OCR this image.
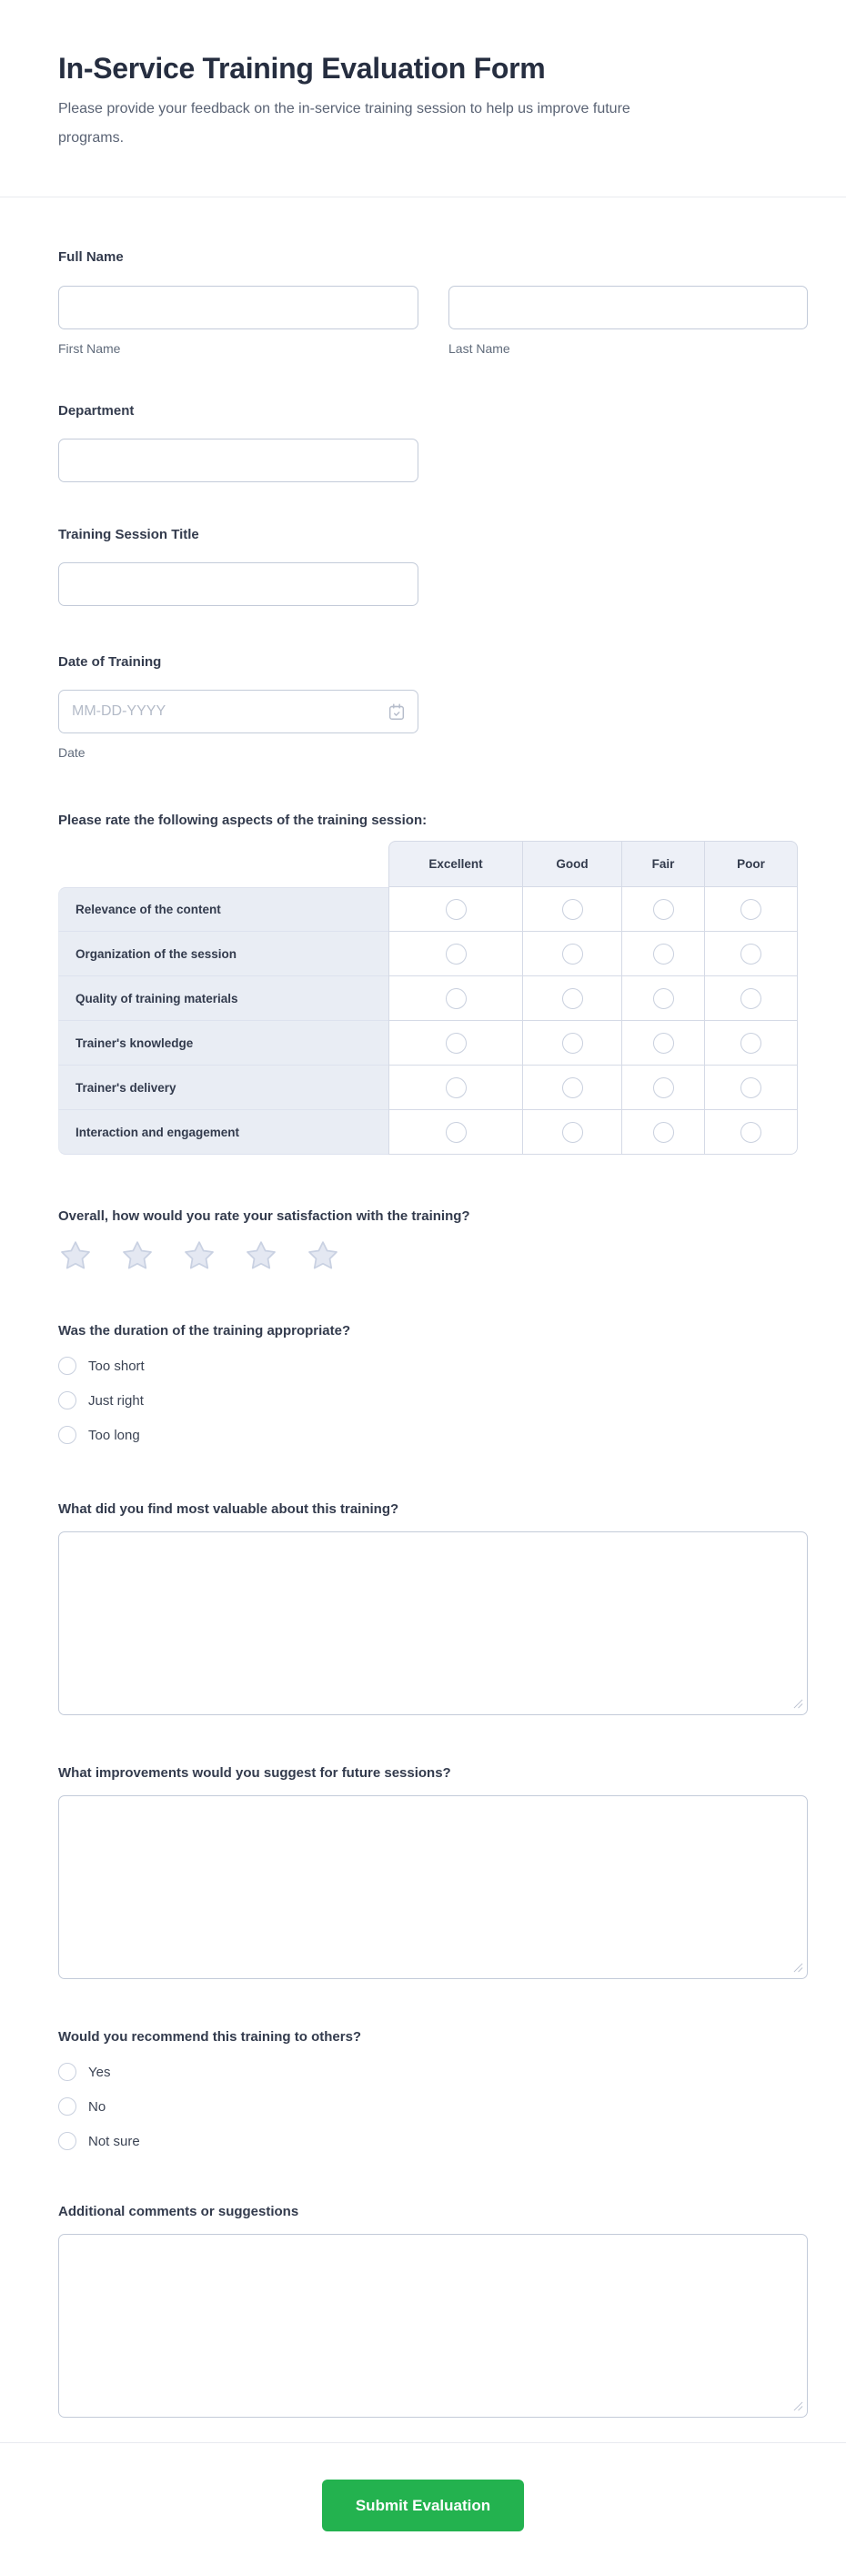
In-Service Training Evaluation Form

Please provide your feedback on the in-service training session to help us improve future programs.

Full Name
First Name	Last Name
Department
Training Session Title
Date of Training
MM-DD-YYYY
Date
Please rate the following aspects of the training session:
	Excellent	Good	Fair	Poor
Relevance of the content				
Organization of the session				
Quality of training materials				
Trainer's knowledge				
Trainer's delivery				
Interaction and engagement				
Overall, how would you rate your satisfaction with the training?
Was the duration of the training appropriate?
Too short
Just right
Too long
What did you find most valuable about this training?
What improvements would you suggest for future sessions?
Would you recommend this training to others?
Yes
No
Not sure
Additional comments or suggestions
Submit Evaluation
